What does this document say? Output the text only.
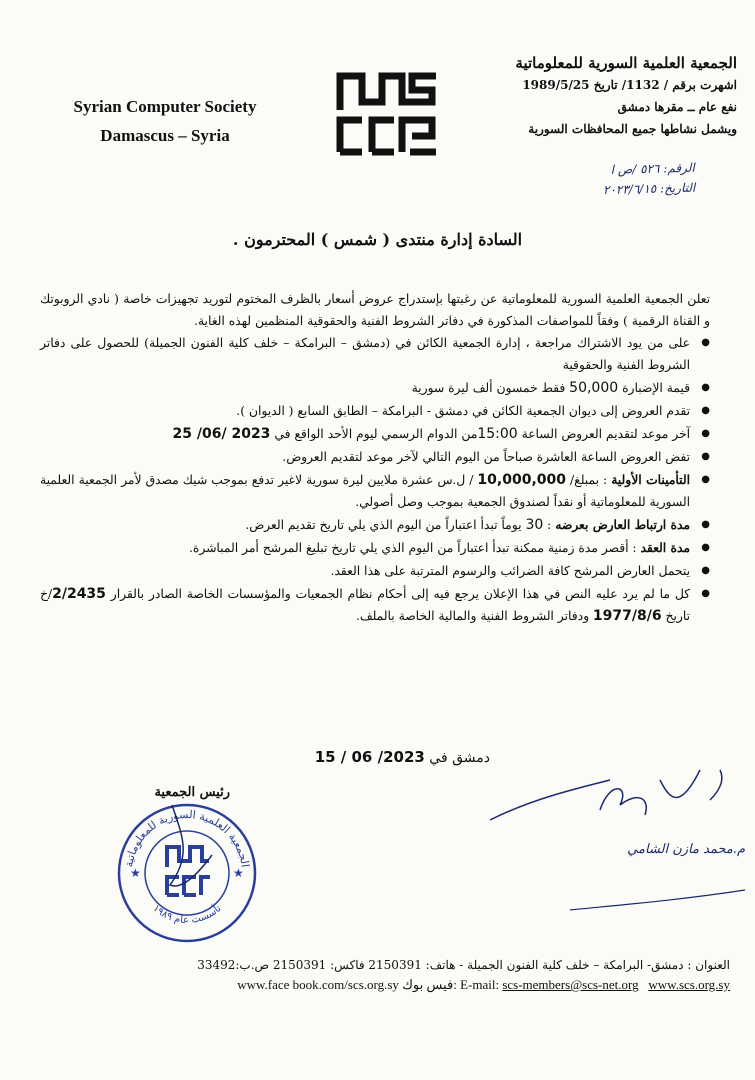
Syrian Computer Society
Damascus – Syria
الجمعية العلمية السورية للمعلوماتية
اشهرت برقم / 1132/ تاريخ 1989/5/25
نفع عام ــ مقرها دمشق
ويشمل نشاطها جميع المحافظات السورية
الرقم: ٥٢٦ /ص ا
التاريخ: ٢٠٢٣/٦/١٥
السادة إدارة منتدى ( شمس ) المحترمون .

تعلن الجمعية العلمية السورية للمعلوماتية عن رغبتها بإستدراج عروض أسعار بالظرف المختوم لتوريد تجهيزات خاصة ( نادي الروبوتك و القناة الرقمية ) وفقاً للمواصفات المذكورة في دفاتر الشروط الفنية والحقوقية المنظمين لهذه الغاية.

● على من يود الاشتراك مراجعة ، إدارة الجمعية الكائن في (دمشق – البرامكة – خلف كلية الفنون الجميلة) للحصول على دفاتر الشروط الفنية والحقوقية
● قيمة الإضبارة 50,000 فقط خمسون ألف ليرة سورية
● تقدم العروض إلى ديوان الجمعية الكائن في دمشق - البرامكة – الطابق السابع ( الديوان ).
● آخر موعد لتقديم العروض الساعة 15:00من الدوام الرسمي ليوم الأحد الواقع في 25 /06/ 2023
● تفض العروض الساعة العاشرة صباحاً من اليوم التالي لآخر موعد لتقديم العروض.
● التأمينات الأولية : بمبلغ/ 10,000,000 / ل.س عشرة ملايين ليرة سورية لاغير تدفع بموجب شيك مصدق لأمر الجمعية العلمية السورية للمعلوماتية أو نقداً لصندوق الجمعية بموجب وصل أصولي.
● مدة ارتباط العارض بعرضه : 30 يوماً تبدأ اعتباراً من اليوم الذي يلي تاريخ تقديم العرض.
● مدة العقد : أقصر مدة زمنية ممكنة تبدأ اعتباراً من اليوم الذي يلي تاريخ تبليغ المرشح أمر المباشرة.
● يتحمل العارض المرشح كافة الضرائب والرسوم المترتبة على هذا العقد.
● كل ما لم يرد عليه النص في هذا الإعلان يرجع فيه إلى أحكام نظام الجمعيات والمؤسسات الخاصة الصادر بالقرار 2/2435/خ تاريخ 1977/8/6 ودفاتر الشروط الفنية والمالية الخاصة بالملف.
دمشق في 15 / 06 /2023
رئيس الجمعية
الجمعية العلمية السورية للمعلوماتية
تأسست عام ١٩٨٩
★	★
م.محمد مازن الشامي
العنوان : دمشق- البرامكة – خلف كلية الفنون الجميلة - هاتف: 2150391 فاكس: 2150391 ص.ب:33492
www.face book.com/scs.org.sy فيس بوك: E-mail: scs-members@scs-net.org www.scs.org.sy
